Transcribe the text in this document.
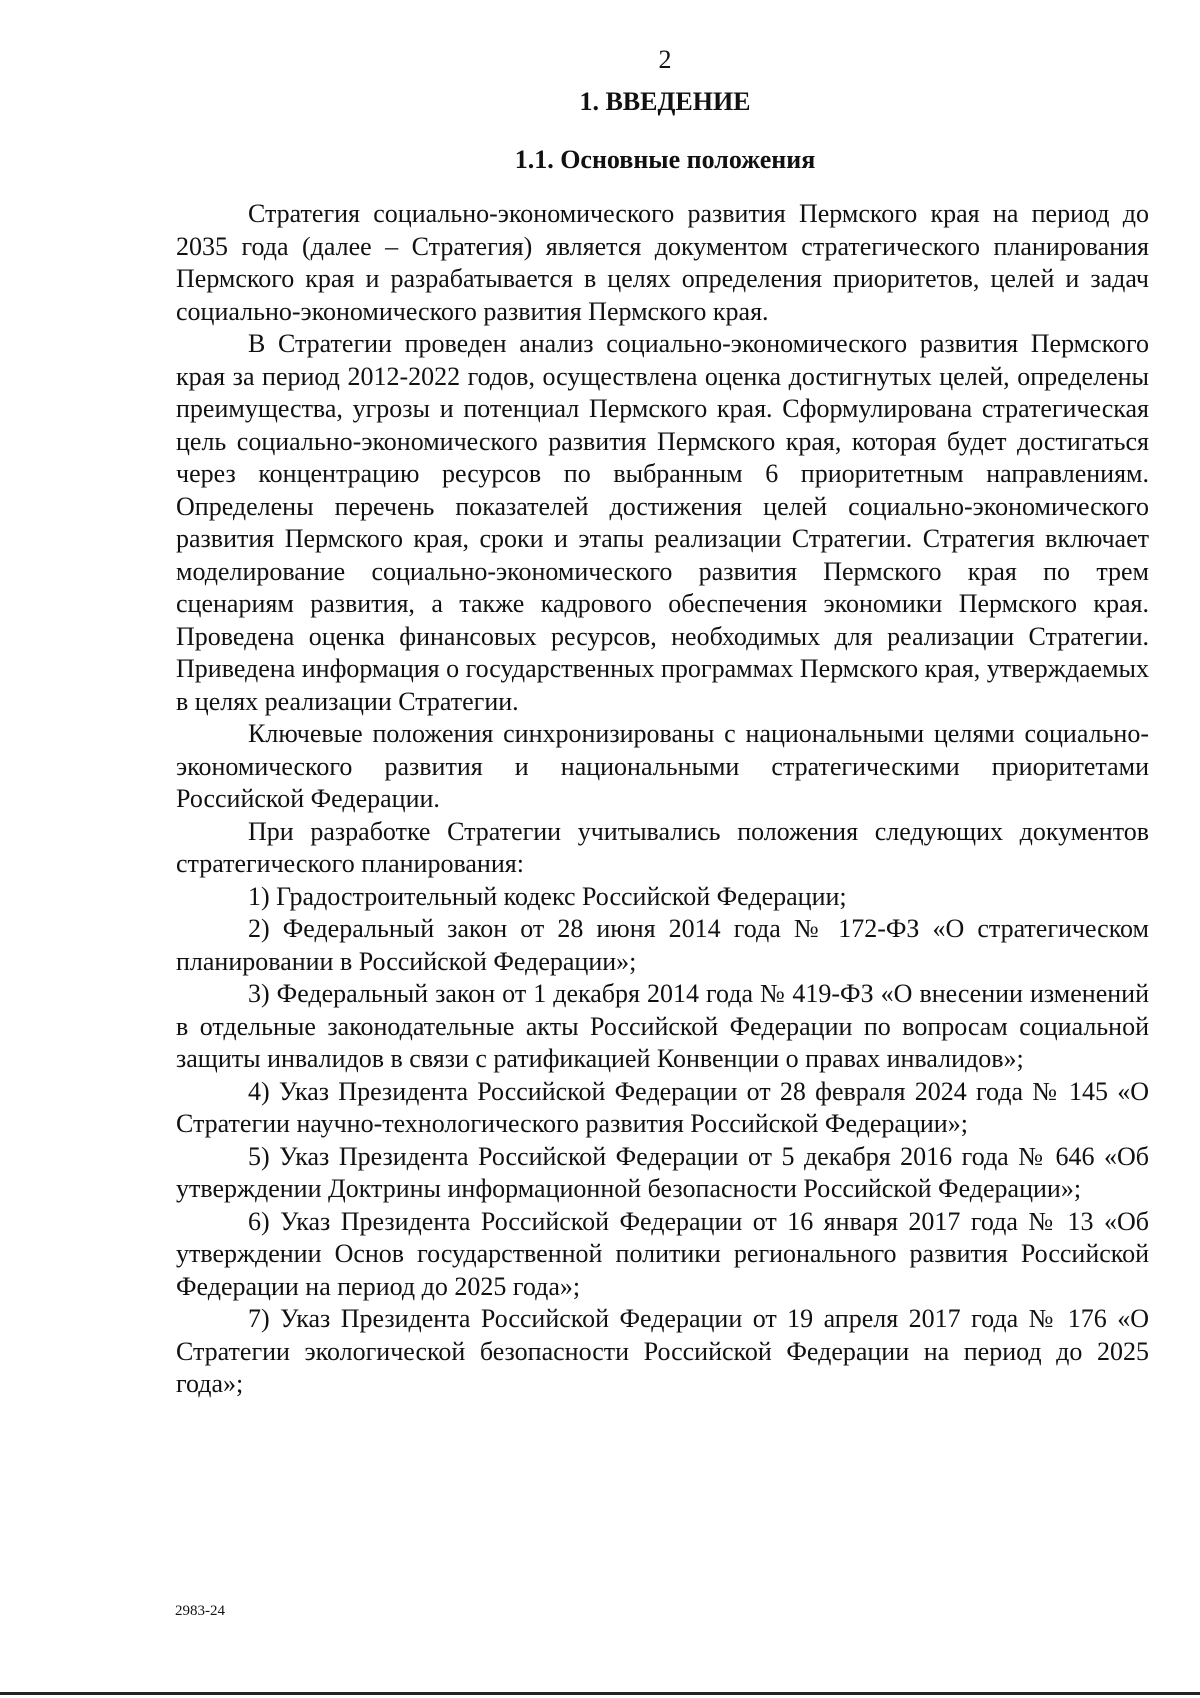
2
1. ВВЕДЕНИЕ
1.1. Основные положения

Стратегия социально-экономического развития Пермского края на период до 2035 года (далее – Стратегия) является документом стратегического планирования Пермского края и разрабатывается в целях определения приоритетов, целей и задач социально-экономического развития Пермского края.

В Стратегии проведен анализ социально-экономического развития Пермского края за период 2012-2022 годов, осуществлена оценка достигнутых целей, определены преимущества, угрозы и потенциал Пермского края. Сформулирована стратегическая цель социально-экономического развития Пермского края, которая будет достигаться через концентрацию ресурсов по выбранным 6 приоритетным направлениям. Определены перечень показателей достижения целей социально-экономического развития Пермского края, сроки и этапы реализации Стратегии. Стратегия включает моделирование социально-экономического развития Пермского края по трем сценариям развития, а также кадрового обеспечения экономики Пермского края. Проведена оценка финансовых ресурсов, необходимых для реализации Стратегии. Приведена информация о государственных программах Пермского края, утверждаемых в целях реализации Стратегии.

Ключевые положения синхронизированы с национальными целями социально-экономического развития и национальными стратегическими приоритетами Российской Федерации.

При разработке Стратегии учитывались положения следующих документов стратегического планирования:

1) Градостроительный кодекс Российской Федерации;

2) Федеральный закон от 28 июня 2014 года № 172-ФЗ «О стратегическом планировании в Российской Федерации»;

3) Федеральный закон от 1 декабря 2014 года № 419-ФЗ «О внесении изменений в отдельные законодательные акты Российской Федерации по вопросам социальной защиты инвалидов в связи с ратификацией Конвенции о правах инвалидов»;

4) Указ Президента Российской Федерации от 28 февраля 2024 года № 145 «О Стратегии научно-технологического развития Российской Федерации»;

5) Указ Президента Российской Федерации от 5 декабря 2016 года № 646 «Об утверждении Доктрины информационной безопасности Российской Федерации»;

6) Указ Президента Российской Федерации от 16 января 2017 года № 13 «Об утверждении Основ государственной политики регионального развития Российской Федерации на период до 2025 года»;

7) Указ Президента Российской Федерации от 19 апреля 2017 года № 176 «О Стратегии экологической безопасности Российской Федерации на период до 2025 года»;

2983-24
